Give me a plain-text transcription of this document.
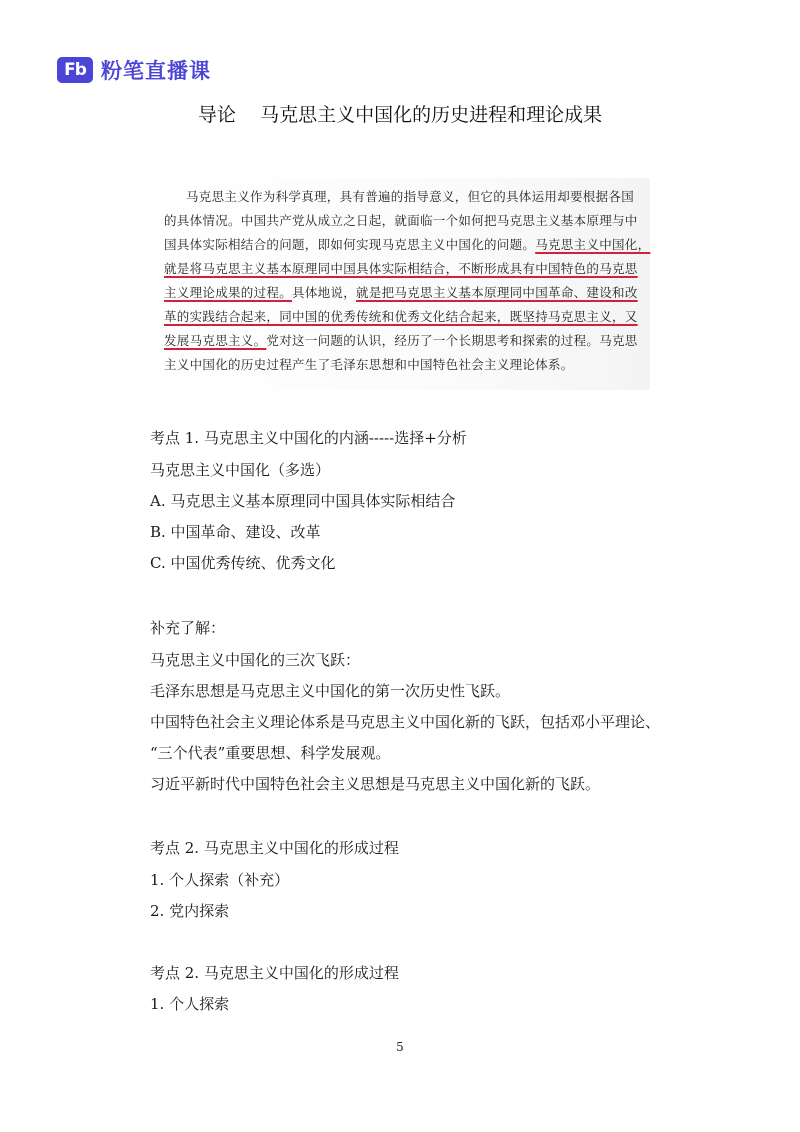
Fb 粉笔直播课
导论    马克思主义中国化的历史进程和理论成果
马克思主义作为科学真理，具有普遍的指导意义，但它的具体运用却要根据各国
的具体情况。中国共产党从成立之日起，就面临一个如何把马克思主义基本原理与中
国具体实际相结合的问题，即如何实现马克思主义中国化的问题。马克思主义中国化，
就是将马克思主义基本原理同中国具体实际相结合，不断形成具有中国特色的马克思
主义理论成果的过程。具体地说，就是把马克思主义基本原理同中国革命、建设和改
革的实践结合起来，同中国的优秀传统和优秀文化结合起来，既坚持马克思主义，又
发展马克思主义。党对这一问题的认识，经历了一个长期思考和探索的过程。马克思
主义中国化的历史过程产生了毛泽东思想和中国特色社会主义理论体系。
考点 1. 马克思主义中国化的内涵-----选择+分析
马克思主义中国化（多选）
A. 马克思主义基本原理同中国具体实际相结合
B. 中国革命、建设、改革
C. 中国优秀传统、优秀文化
补充了解：
马克思主义中国化的三次飞跃：
毛泽东思想是马克思主义中国化的第一次历史性飞跃。
中国特色社会主义理论体系是马克思主义中国化新的飞跃，包括邓小平理论、
“三个代表”重要思想、科学发展观。
习近平新时代中国特色社会主义思想是马克思主义中国化新的飞跃。
考点 2. 马克思主义中国化的形成过程
1. 个人探索（补充）
2. 党内探索
考点 2. 马克思主义中国化的形成过程
1. 个人探索
5
